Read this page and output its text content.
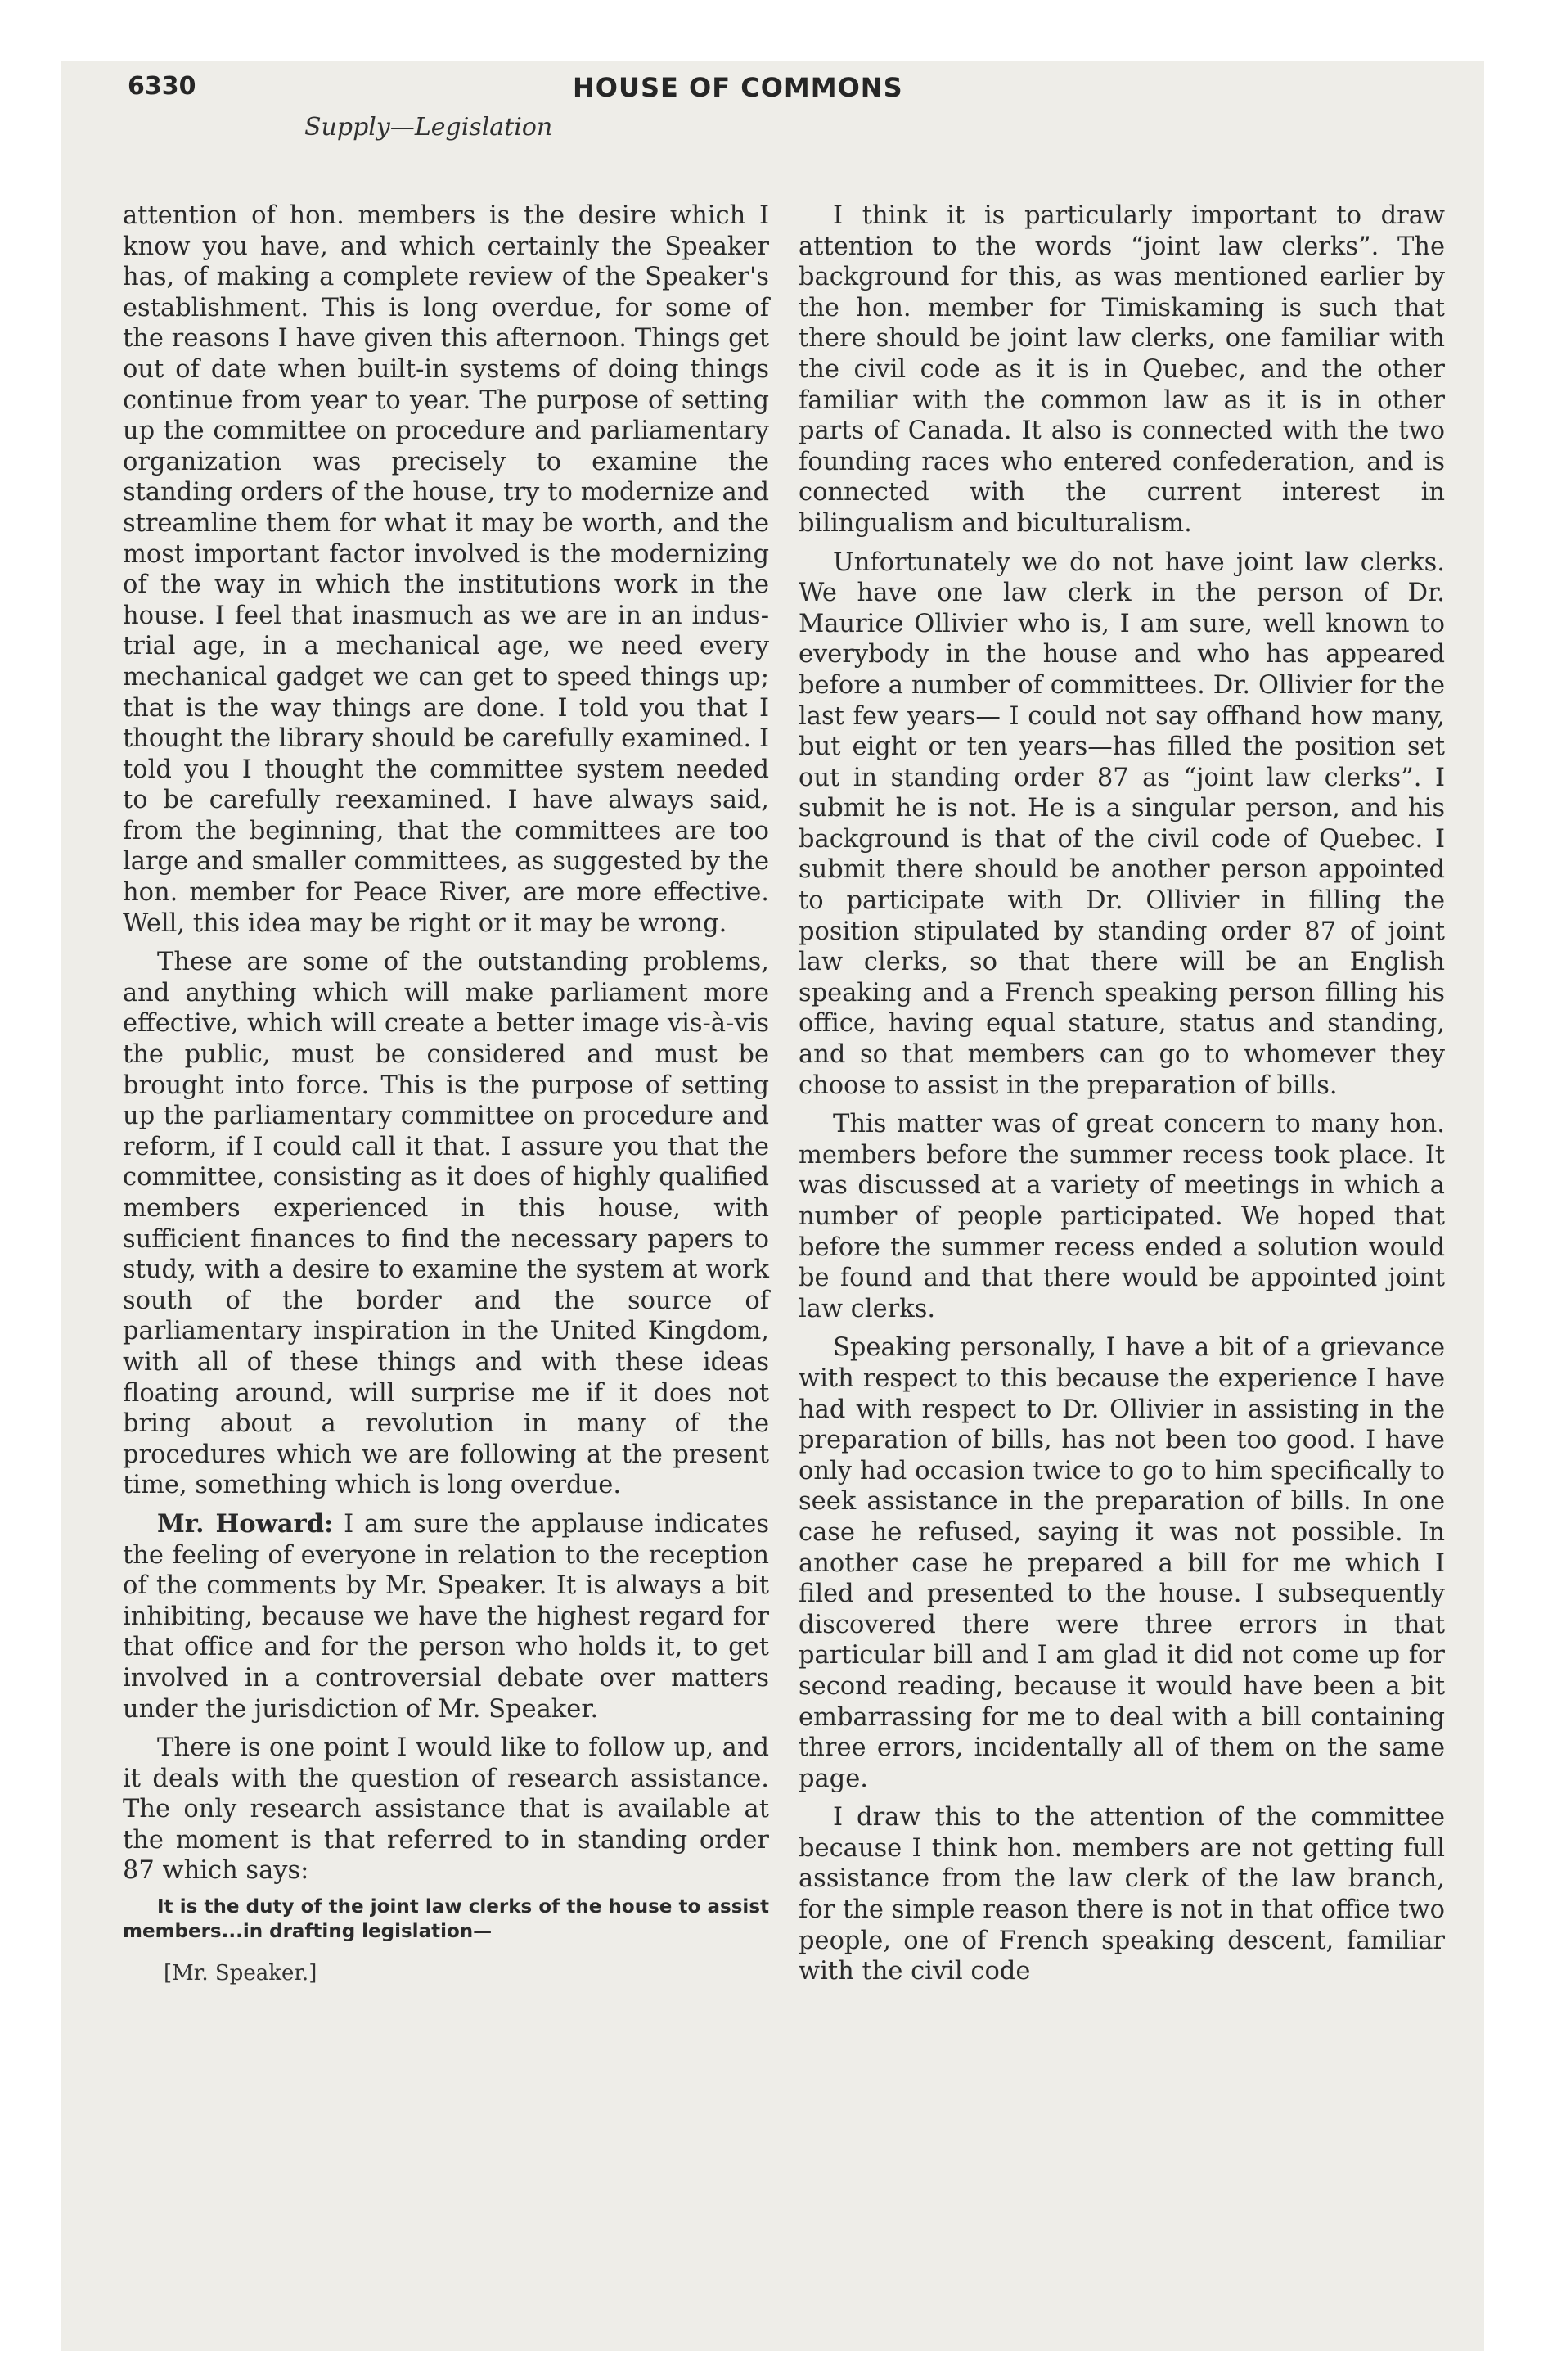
6330	HOUSE OF COMMONS
Supply—Legislation

attention of hon. members is the desire which I know you have, and which certainly the Speaker has, of making a complete review of the Speaker's establishment. This is long overdue, for some of the reasons I have given this afternoon. Things get out of date when built-in systems of doing things continue from year to year. The purpose of setting up the committee on procedure and parliamentary organization was precisely to examine the standing orders of the house, try to modernize and streamline them for what it may be worth, and the most important factor involved is the modernizing of the way in which the institutions work in the house. I feel that inasmuch as we are in an industrial age, in a mechanical age, we need every mechanical gadget we can get to speed things up; that is the way things are done. I told you that I thought the library should be carefully examined. I told you I thought the committee system needed to be carefully reexamined. I have always said, from the beginning, that the committees are too large and smaller committees, as suggested by the hon. member for Peace River, are more effective. Well, this idea may be right or it may be wrong.

These are some of the outstanding problems, and anything which will make parliament more effective, which will create a better image vis-à-vis the public, must be considered and must be brought into force. This is the purpose of setting up the parliamentary committee on procedure and reform, if I could call it that. I assure you that the committee, consisting as it does of highly qualified members experienced in this house, with sufficient finances to find the necessary papers to study, with a desire to examine the system at work south of the border and the source of parliamentary inspiration in the United Kingdom, with all of these things and with these ideas floating around, will surprise me if it does not bring about a revolution in many of the procedures which we are following at the present time, something which is long overdue.

Mr. Howard: I am sure the applause indicates the feeling of everyone in relation to the reception of the comments by Mr. Speaker. It is always a bit inhibiting, because we have the highest regard for that office and for the person who holds it, to get involved in a controversial debate over matters under the jurisdiction of Mr. Speaker.

There is one point I would like to follow up, and it deals with the question of research assistance. The only research assistance that is available at the moment is that referred to in standing order 87 which says:

It is the duty of the joint law clerks of the house to assist members...in drafting legislation—

[Mr. Speaker.]

I think it is particularly important to draw attention to the words “joint law clerks”. The background for this, as was mentioned earlier by the hon. member for Timiskaming is such that there should be joint law clerks, one familiar with the civil code as it is in Quebec, and the other familiar with the common law as it is in other parts of Canada. It also is connected with the two founding races who entered confederation, and is connected with the current interest in bilingualism and biculturalism.

Unfortunately we do not have joint law clerks. We have one law clerk in the person of Dr. Maurice Ollivier who is, I am sure, well known to everybody in the house and who has appeared before a number of committees. Dr. Ollivier for the last few years— I could not say offhand how many, but eight or ten years—has filled the position set out in standing order 87 as “joint law clerks”. I submit he is not. He is a singular person, and his background is that of the civil code of Quebec. I submit there should be another person appointed to participate with Dr. Ollivier in filling the position stipulated by standing order 87 of joint law clerks, so that there will be an English speaking and a French speaking person filling his office, having equal stature, status and standing, and so that members can go to whomever they choose to assist in the preparation of bills.

This matter was of great concern to many hon. members before the summer recess took place. It was discussed at a variety of meetings in which a number of people participated. We hoped that before the summer recess ended a solution would be found and that there would be appointed joint law clerks.

Speaking personally, I have a bit of a grievance with respect to this because the experience I have had with respect to Dr. Ollivier in assisting in the preparation of bills, has not been too good. I have only had occasion twice to go to him specifically to seek assistance in the preparation of bills. In one case he refused, saying it was not possible. In another case he prepared a bill for me which I filed and presented to the house. I subsequently discovered there were three errors in that particular bill and I am glad it did not come up for second reading, because it would have been a bit embarrassing for me to deal with a bill containing three errors, incidentally all of them on the same page.

I draw this to the attention of the committee because I think hon. members are not getting full assistance from the law clerk of the law branch, for the simple reason there is not in that office two people, one of French speaking descent, familiar with the civil code
